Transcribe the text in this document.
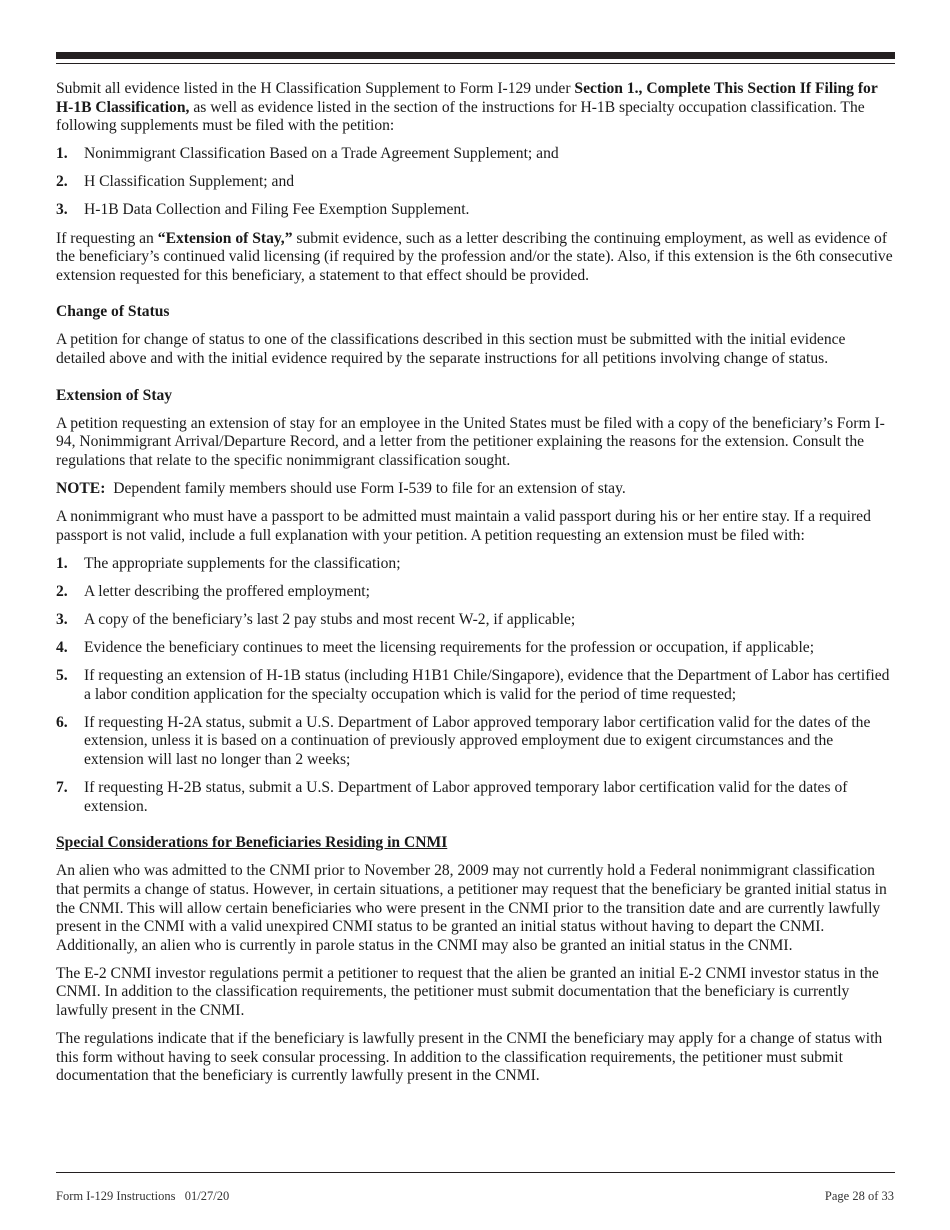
Submit all evidence listed in the H Classification Supplement to Form I-129 under Section 1., Complete This Section If Filing for H-1B Classification, as well as evidence listed in the section of the instructions for H-1B specialty occupation classification. The following supplements must be filed with the petition:

1.	Nonimmigrant Classification Based on a Trade Agreement Supplement; and
2.	H Classification Supplement; and
3.	H-1B Data Collection and Filing Fee Exemption Supplement.

If requesting an “Extension of Stay,” submit evidence, such as a letter describing the continuing employment, as well as evidence of the beneficiary’s continued valid licensing (if required by the profession and/or the state). Also, if this extension is the 6th consecutive extension requested for this beneficiary, a statement to that effect should be provided.

Change of Status

A petition for change of status to one of the classifications described in this section must be submitted with the initial evidence detailed above and with the initial evidence required by the separate instructions for all petitions involving change of status.

Extension of Stay

A petition requesting an extension of stay for an employee in the United States must be filed with a copy of the beneficiary’s Form I-94, Nonimmigrant Arrival/Departure Record, and a letter from the petitioner explaining the reasons for the extension. Consult the regulations that relate to the specific nonimmigrant classification sought.

NOTE:  Dependent family members should use Form I-539 to file for an extension of stay.

A nonimmigrant who must have a passport to be admitted must maintain a valid passport during his or her entire stay. If a required passport is not valid, include a full explanation with your petition. A petition requesting an extension must be filed with:

1.	The appropriate supplements for the classification;
2.	A letter describing the proffered employment;
3.	A copy of the beneficiary’s last 2 pay stubs and most recent W-2, if applicable;
4.	Evidence the beneficiary continues to meet the licensing requirements for the profession or occupation, if applicable;
5.	If requesting an extension of H-1B status (including H1B1 Chile/Singapore), evidence that the Department of Labor has certified a labor condition application for the specialty occupation which is valid for the period of time requested;
6.	If requesting H-2A status, submit a U.S. Department of Labor approved temporary labor certification valid for the dates of the extension, unless it is based on a continuation of previously approved employment due to exigent circumstances and the extension will last no longer than 2 weeks;
7.	If requesting H-2B status, submit a U.S. Department of Labor approved temporary labor certification valid for the dates of extension.
Special Considerations for Beneficiaries Residing in CNMI

An alien who was admitted to the CNMI prior to November 28, 2009 may not currently hold a Federal nonimmigrant classification that permits a change of status. However, in certain situations, a petitioner may request that the beneficiary be granted initial status in the CNMI. This will allow certain beneficiaries who were present in the CNMI prior to the transition date and are currently lawfully present in the CNMI with a valid unexpired CNMI status to be granted an initial status without having to depart the CNMI. Additionally, an alien who is currently in parole status in the CNMI may also be granted an initial status in the CNMI.

The E-2 CNMI investor regulations permit a petitioner to request that the alien be granted an initial E-2 CNMI investor status in the CNMI. In addition to the classification requirements, the petitioner must submit documentation that the beneficiary is currently lawfully present in the CNMI.

The regulations indicate that if the beneficiary is lawfully present in the CNMI the beneficiary may apply for a change of status with this form without having to seek consular processing. In addition to the classification requirements, the petitioner must submit documentation that the beneficiary is currently lawfully present in the CNMI.

Form I-129 Instructions   01/27/20	Page 28 of 33
